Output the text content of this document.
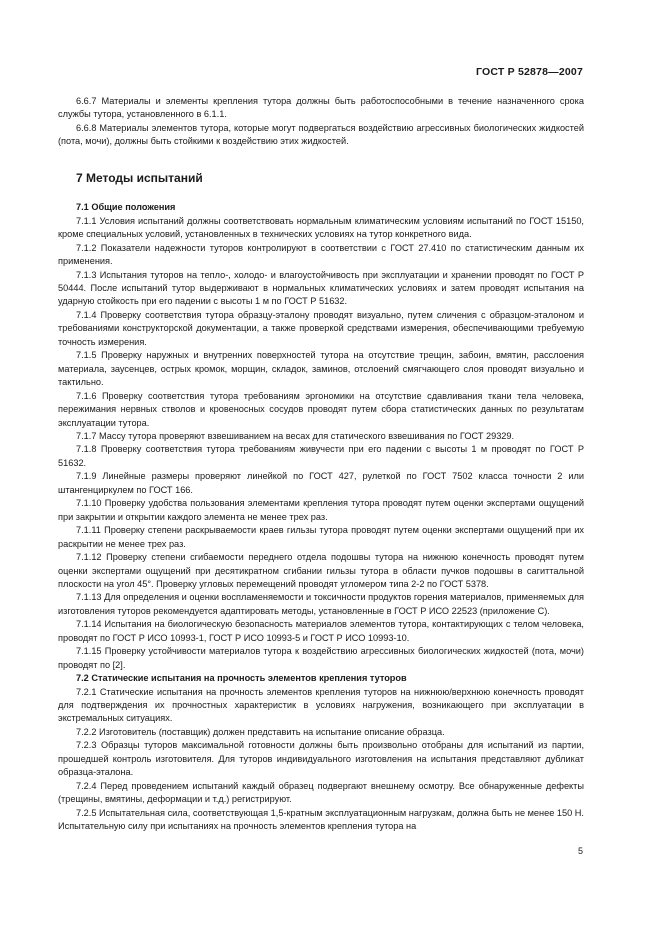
ГОСТ Р 52878—2007

6.6.7 Материалы и элементы крепления тутора должны быть работоспособными в течение назначенного срока службы тутора, установленного в 6.1.1.

6.6.8 Материалы элементов тутора, которые могут подвергаться воздействию агрессивных биологических жидкостей (пота, мочи), должны быть стойкими к воздействию этих жидкостей.

7 Методы испытаний

7.1 Общие положения

7.1.1 Условия испытаний должны соответствовать нормальным климатическим условиям испытаний по ГОСТ 15150, кроме специальных условий, установленных в технических условиях на тутор конкретного вида.

7.1.2 Показатели надежности туторов контролируют в соответствии с ГОСТ 27.410 по статистическим данным их применения.

7.1.3 Испытания туторов на тепло-, холодо- и влагоустойчивость при эксплуатации и хранении проводят по ГОСТ Р 50444. После испытаний тутор выдерживают в нормальных климатических условиях и затем проводят испытания на ударную стойкость при его падении с высоты 1 м по ГОСТ Р 51632.

7.1.4 Проверку соответствия тутора образцу-эталону проводят визуально, путем сличения с образцом-эталоном и требованиями конструкторской документации, а также проверкой средствами измерения, обеспечивающими требуемую точность измерения.

7.1.5 Проверку наружных и внутренних поверхностей тутора на отсутствие трещин, забоин, вмятин, расслоения материала, заусенцев, острых кромок, морщин, складок, заминов, отслоений смягчающего слоя проводят визуально и тактильно.

7.1.6 Проверку соответствия тутора требованиям эргономики на отсутствие сдавливания ткани тела человека, пережимания нервных стволов и кровеносных сосудов проводят путем сбора статистических данных по результатам эксплуатации тутора.

7.1.7 Массу тутора проверяют взвешиванием на весах для статического взвешивания по ГОСТ 29329.

7.1.8 Проверку соответствия тутора требованиям живучести при его падении с высоты 1 м проводят по ГОСТ Р 51632.

7.1.9 Линейные размеры проверяют линейкой по ГОСТ 427, рулеткой по ГОСТ 7502 класса точности 2 или штангенциркулем по ГОСТ 166.

7.1.10 Проверку удобства пользования элементами крепления тутора проводят путем оценки экспертами ощущений при закрытии и открытии каждого элемента не менее трех раз.

7.1.11 Проверку степени раскрываемости краев гильзы тутора проводят путем оценки экспертами ощущений при их раскрытии не менее трех раз.

7.1.12 Проверку степени сгибаемости переднего отдела подошвы тутора на нижнюю конечность проводят путем оценки экспертами ощущений при десятикратном сгибании гильзы тутора в области пучков подошвы в сагиттальной плоскости на угол 45°. Проверку угловых перемещений проводят угломером типа 2-2 по ГОСТ 5378.

7.1.13 Для определения и оценки воспламеняемости и токсичности продуктов горения материалов, применяемых для изготовления туторов рекомендуется адаптировать методы, установленные в ГОСТ Р ИСО 22523 (приложение С).

7.1.14 Испытания на биологическую безопасность материалов элементов тутора, контактирующих с телом человека, проводят по ГОСТ Р ИСО 10993-1, ГОСТ Р ИСО 10993-5 и ГОСТ Р ИСО 10993-10.

7.1.15 Проверку устойчивости материалов тутора к воздействию агрессивных биологических жидкостей (пота, мочи) проводят по [2].

7.2 Статические испытания на прочность элементов крепления туторов

7.2.1 Статические испытания на прочность элементов крепления туторов на нижнюю/верхнюю конечность проводят для подтверждения их прочностных характеристик в условиях нагружения, возникающего при эксплуатации в экстремальных ситуациях.

7.2.2 Изготовитель (поставщик) должен представить на испытание описание образца.

7.2.3 Образцы туторов максимальной готовности должны быть произвольно отобраны для испытаний из партии, прошедшей контроль изготовителя. Для туторов индивидуального изготовления на испытания представляют дубликат образца-эталона.

7.2.4 Перед проведением испытаний каждый образец подвергают внешнему осмотру. Все обнаруженные дефекты (трещины, вмятины, деформации и т.д.) регистрируют.

7.2.5 Испытательная сила, соответствующая 1,5-кратным эксплуатационным нагрузкам, должна быть не менее 150 Н. Испытательную силу при испытаниях на прочность элементов крепления тутора на

5
